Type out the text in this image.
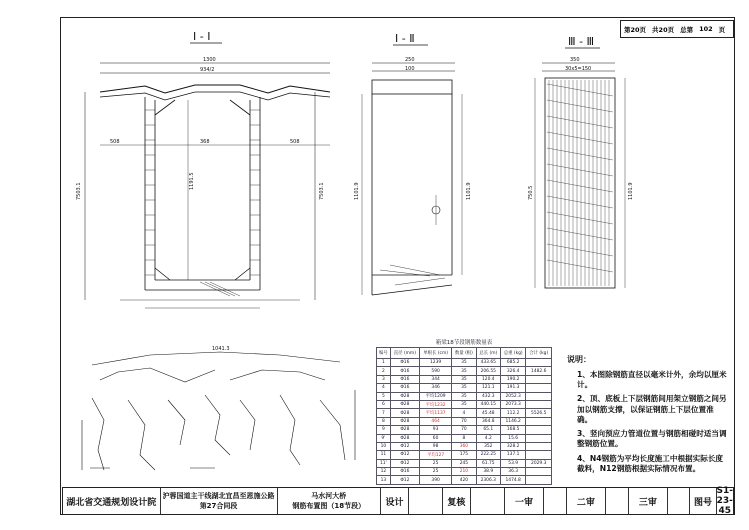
第20页 共20页 总第 102 页
1300
934/2
7503.1	7503.1
1191.5
368
508	508
250
100
1101.9
1101.9
350
30x5=150
750.5	1101.9
1041.3
I - I	I - Ⅱ	Ⅲ - Ⅲ
箱梁18节段钢筋数量表
编号	直径 (mm)	单根长 (cm)	数量 (根)	总长 (m)	总重 (kg)	合计 (kg)
1	Φ16	1239	35	433.65	685.2	
2	Φ16	590	35	206.55	326.4	1482.6
3	Φ16	344	35	120.4	190.2	
4	Φ16	346	35	121.1	191.3	
5	Φ28	平均1209	35	432.3	2052.3	
6	Φ28	平均1232	35	440.15	2073.3	
7	Φ28	平均1137	4	45.48	112.2	5526.5
8	Φ28	464	70	364.8	1146.2	
9	Φ28	93	70	65.1	168.5	
9'	Φ28	60	8	4.2	15.6	
10	Φ12	98	360	352	328.2	
11	Φ12	平均127	175	222.25	137.1	
11'	Φ12	25	245	61.75	53.9	2029.3
12	Φ16	25	210	38.9	36.3	
13	Φ12	390	420	2306.3	1474.8	
说明：
1、本图除钢筋直径以毫米计外，余均以厘米计。
2、顶、底板上下层钢筋间用架立钢筋之间另加以钢筋支撑，以保证钢筋上下层位置准确。
3、竖向预应力管道位置与钢筋相碰时适当调整钢筋位置。
4、N4钢筋为平均长度施工中根据实际长度截料，N12钢筋根据实际情况布置。
湖北省交通规划设计院
沪蓉国道主干线湖北宜昌至恩施公路
第27合同段
马水河大桥
钢筋布置图（18节段）	设计	复核	一审	二审	三审	图号
S1-23-45
